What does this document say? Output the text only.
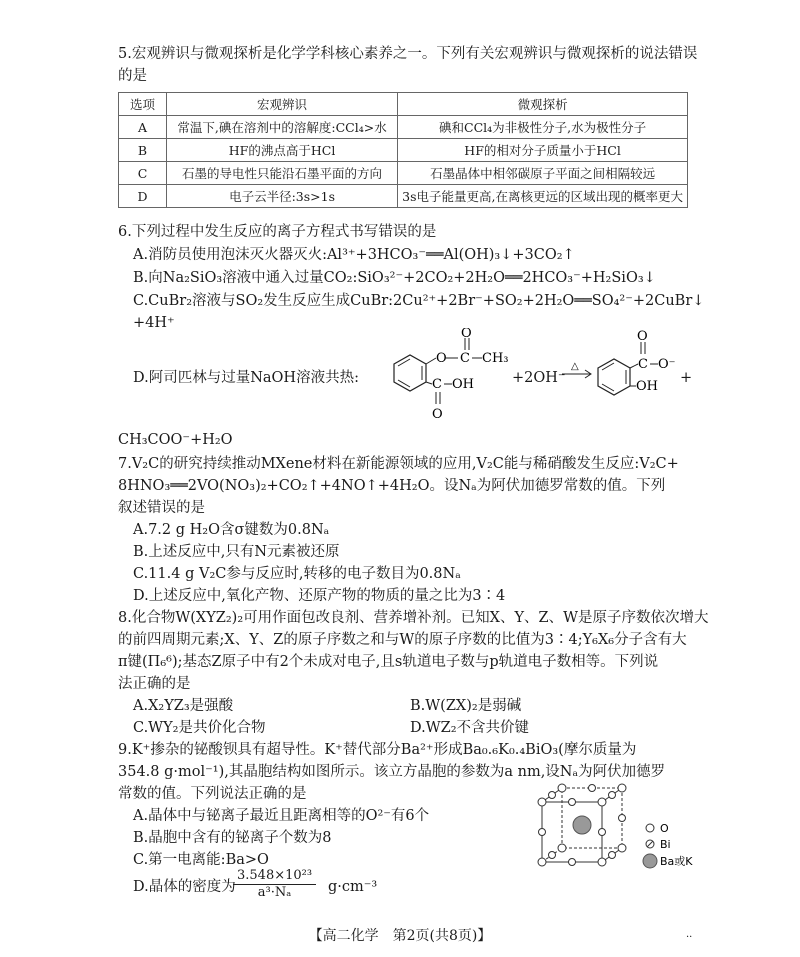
5.宏观辨识与微观探析是化学学科核心素养之一。下列有关宏观辨识与微观探析的说法错误
的是
选项	宏观辨识	微观探析
A	常温下,碘在溶剂中的溶解度:CCl₄>水	碘和CCl₄为非极性分子,水为极性分子
B	HF的沸点高于HCl	HF的相对分子质量小于HCl
C	石墨的导电性只能沿石墨平面的方向	石墨晶体中相邻碳原子平面之间相隔较远
D	电子云半径:3s>1s	3s电子能量更高,在离核更远的区域出现的概率更大
6.下列过程中发生反应的离子方程式书写错误的是
A.消防员使用泡沫灭火器灭火:Al³⁺+3HCO₃⁻══Al(OH)₃↓+3CO₂↑
B.向Na₂SiO₃溶液中通入过量CO₂:SiO₃²⁻+2CO₂+2H₂O══2HCO₃⁻+H₂SiO₃↓
C.CuBr₂溶液与SO₂发生反应生成CuBr:2Cu²⁺+2Br⁻+SO₂+2H₂O══SO₄²⁻+2CuBr↓
+4H⁺
D.阿司匹林与过量NaOH溶液共热:
O C
O
CH₃
C OH
O
+2OH⁻
△	C
O
O⁻
OH
+
CH₃COO⁻+H₂O
7.V₂C的研究持续推动MXene材料在新能源领域的应用,V₂C能与稀硝酸发生反应:V₂C+
8HNO₃══2VO(NO₃)₂+CO₂↑+4NO↑+4H₂O。设Nₐ为阿伏加德罗常数的值。下列
叙述错误的是
A.7.2 g H₂O含σ键数为0.8Nₐ
B.上述反应中,只有N元素被还原
C.11.4 g V₂C参与反应时,转移的电子数目为0.8Nₐ
D.上述反应中,氧化产物、还原产物的物质的量之比为3∶4
8.化合物W(XYZ₂)₂可用作面包改良剂、营养增补剂。已知X、Y、Z、W是原子序数依次增大
的前四周期元素;X、Y、Z的原子序数之和与W的原子序数的比值为3∶4;Y₆X₆分子含有大
π键(Π₆⁶);基态Z原子中有2个未成对电子,且s轨道电子数与p轨道电子数相等。下列说
法正确的是
A.X₂YZ₃是强酸	B.W(ZX)₂是弱碱
C.WY₂是共价化合物	D.WZ₂不含共价键
9.K⁺掺杂的铋酸钡具有超导性。K⁺替代部分Ba²⁺形成Ba₀.₆K₀.₄BiO₃(摩尔质量为
354.8 g·mol⁻¹),其晶胞结构如图所示。该立方晶胞的参数为a nm,设Nₐ为阿伏加德罗
常数的值。下列说法正确的是
A.晶体中与铋离子最近且距离相等的O²⁻有6个
B.晶胞中含有的铋离子个数为8
C.第一电离能:Ba>O
D.晶体的密度为
$\frac{\text{3.548×10²³}}{\text{a³·Nₐ}} g\cdot cm^{-3}$
O
Bi
Ba或K
【高二化学　第2页(共8页)】	··
